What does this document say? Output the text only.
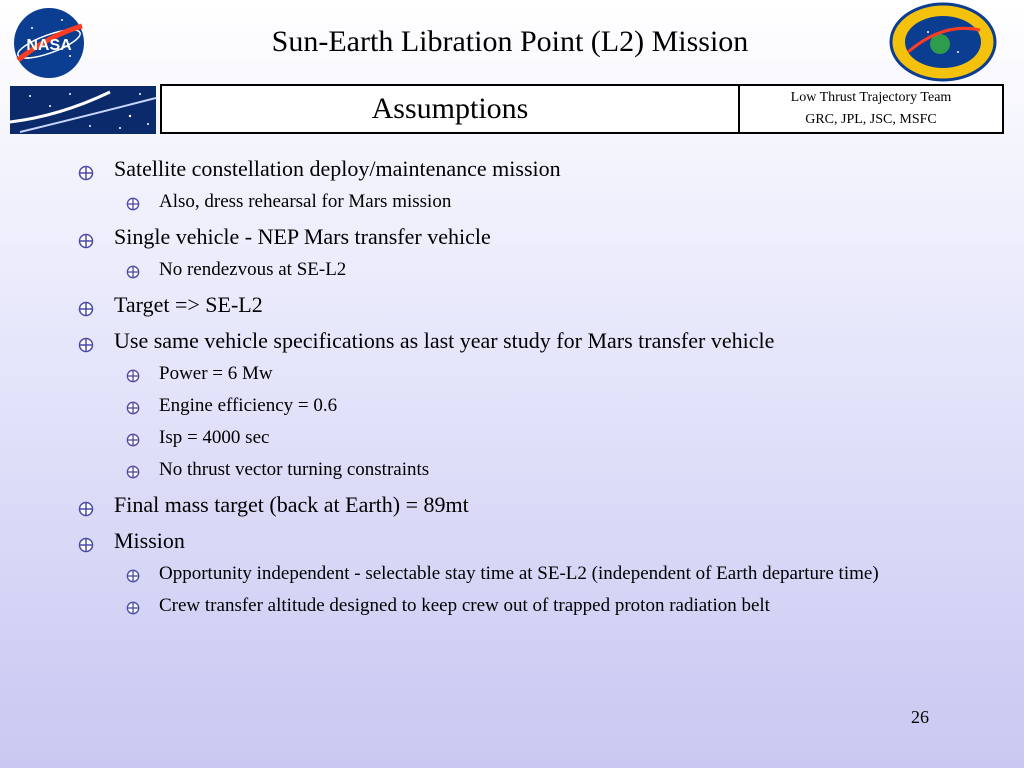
NASA	Sun-Earth Libration Point (L2) Mission
Assumptions	Low Thrust Trajectory Team
GRC, JPL, JSC, MSFC
Satellite constellation deploy/maintenance mission
Also, dress rehearsal for Mars mission
Single vehicle - NEP Mars transfer vehicle
No rendezvous at SE-L2
Target => SE-L2
Use same vehicle specifications as last year study for Mars transfer vehicle
Power = 6 Mw
Engine efficiency = 0.6
Isp = 4000 sec
No thrust vector turning constraints
Final mass target (back at Earth) = 89mt
Mission
Opportunity independent - selectable stay time at SE-L2 (independent of Earth departure time)
Crew transfer altitude designed to keep crew out of trapped proton radiation belt
26
